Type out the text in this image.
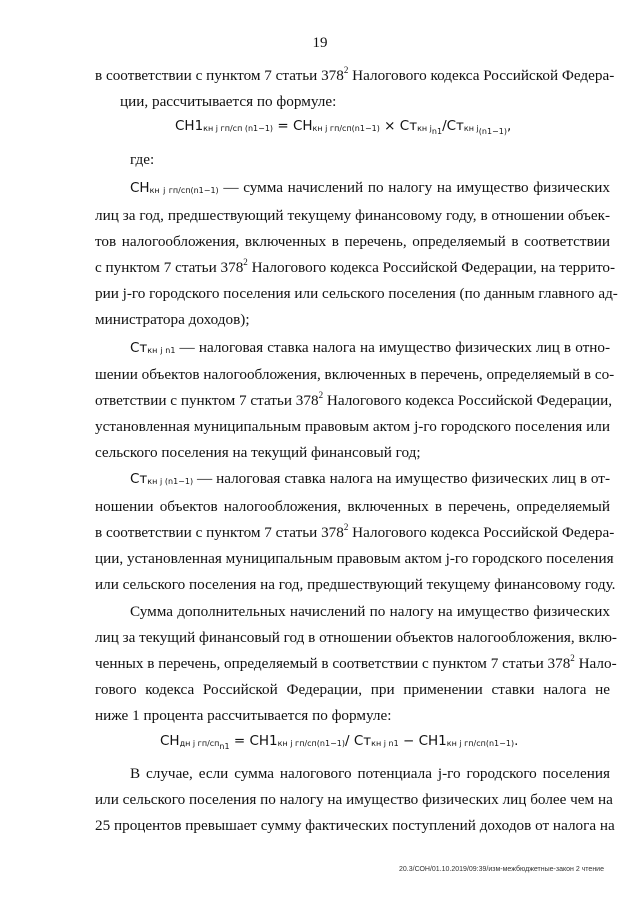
19
в соответствии с пунктом 7 статьи $378^2$ Налогового кодекса Российской Федера-
ции, рассчитывается по формуле:
$СН1_{кн j гп/сп (n1-1)} = СН_{кн j гп/сп(n1-1)} \times Ст_{кн jn1}/Ст_{кн j(n1-1)}$,
где:
$СН_{кн j гп/сп(n1-1)}$ — сумма начислений по налогу на имущество физических
лиц за год, предшествующий текущему финансовому году, в отношении объек-
тов налогообложения, включенных в перечень, определяемый в соответствии
с пунктом 7 статьи $378^2$ Налогового кодекса Российской Федерации, на террито-
рии j-го городского поселения или сельского поселения (по данным главного ад-
министратора доходов);
$Ст_{кн j n1}$ — налоговая ставка налога на имущество физических лиц в отно-
шении объектов налогообложения, включенных в перечень, определяемый в со-
ответствии с пунктом 7 статьи $378^2$ Налогового кодекса Российской Федерации,
установленная муниципальным правовым актом j-го городского поселения или
сельского поселения на текущий финансовый год;
$Ст_{кн j (n1-1)}$ — налоговая ставка налога на имущество физических лиц в от-
ношении объектов налогообложения, включенных в перечень, определяемый
в соответствии с пунктом 7 статьи $378^2$ Налогового кодекса Российской Федера-
ции, установленная муниципальным правовым актом j-го городского поселения
или сельского поселения на год, предшествующий текущему финансовому году.
Сумма дополнительных начислений по налогу на имущество физических
лиц за текущий финансовый год в отношении объектов налогообложения, вклю-
ченных в перечень, определяемый в соответствии с пунктом 7 статьи $378^2$ Нало-
гового кодекса Российской Федерации, при применении ставки налога не
ниже 1 процента рассчитывается по формуле:
$СН_{дн j гп/спn1} = СН1_{кн j гп/сп(n1-1)}/$ $Ст_{кн j n1} - СН1_{кн j гп/сп(n1-1)}$.
В случае, если сумма налогового потенциала j-го городского поселения
или сельского поселения по налогу на имущество физических лиц более чем на
25 процентов превышает сумму фактических поступлений доходов от налога на
20.3/СОН/01.10.2019/09:39/изм-межбюджетные-закон 2 чтение
